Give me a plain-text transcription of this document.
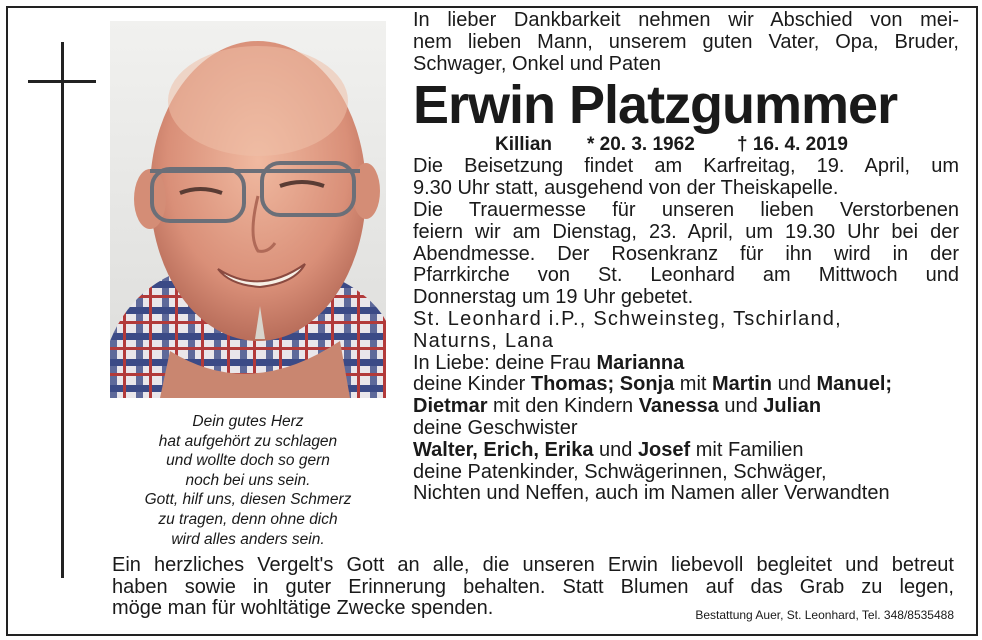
Dein gutes Herz
hat aufgehört zu schlagen
und wollte doch so gern
noch bei uns sein.
Gott, hilf uns, diesen Schmerz
zu tragen, denn ohne dich
wird alles anders sein.
In lieber Dankbarkeit nehmen wir Abschied von mei-
nem lieben Mann, unserem guten Vater, Opa, Bruder,
Schwager, Onkel und Paten
Erwin Platzgummer
Killian * 20. 3. 1962 † 16. 4. 2019
Die Beisetzung findet am Karfreitag, 19. April, um
9.30 Uhr statt, ausgehend von der Theiskapelle.
Die Trauermesse für unseren lieben Verstorbenen
feiern wir am Dienstag, 23. April, um 19.30 Uhr bei der
Abendmesse. Der Rosenkranz für ihn wird in der
Pfarrkirche von St. Leonhard am Mittwoch und
Donnerstag um 19 Uhr gebetet.
St. Leonhard i.P., Schweinsteg, Tschirland,
Naturns, Lana
In Liebe: deine Frau Marianna
deine Kinder Thomas; Sonja mit Martin und Manuel;
Dietmar mit den Kindern Vanessa und Julian
deine Geschwister
Walter, Erich, Erika und Josef mit Familien
deine Patenkinder, Schwägerinnen, Schwäger,
Nichten und Neffen, auch im Namen aller Verwandten
Ein herzliches Vergelt's Gott an alle, die unseren Erwin liebevoll begleitet und betreut
haben sowie in guter Erinnerung behalten. Statt Blumen auf das Grab zu legen,
möge man für wohltätige Zwecke spenden.	Bestattung Auer, St. Leonhard, Tel. 348/8535488
